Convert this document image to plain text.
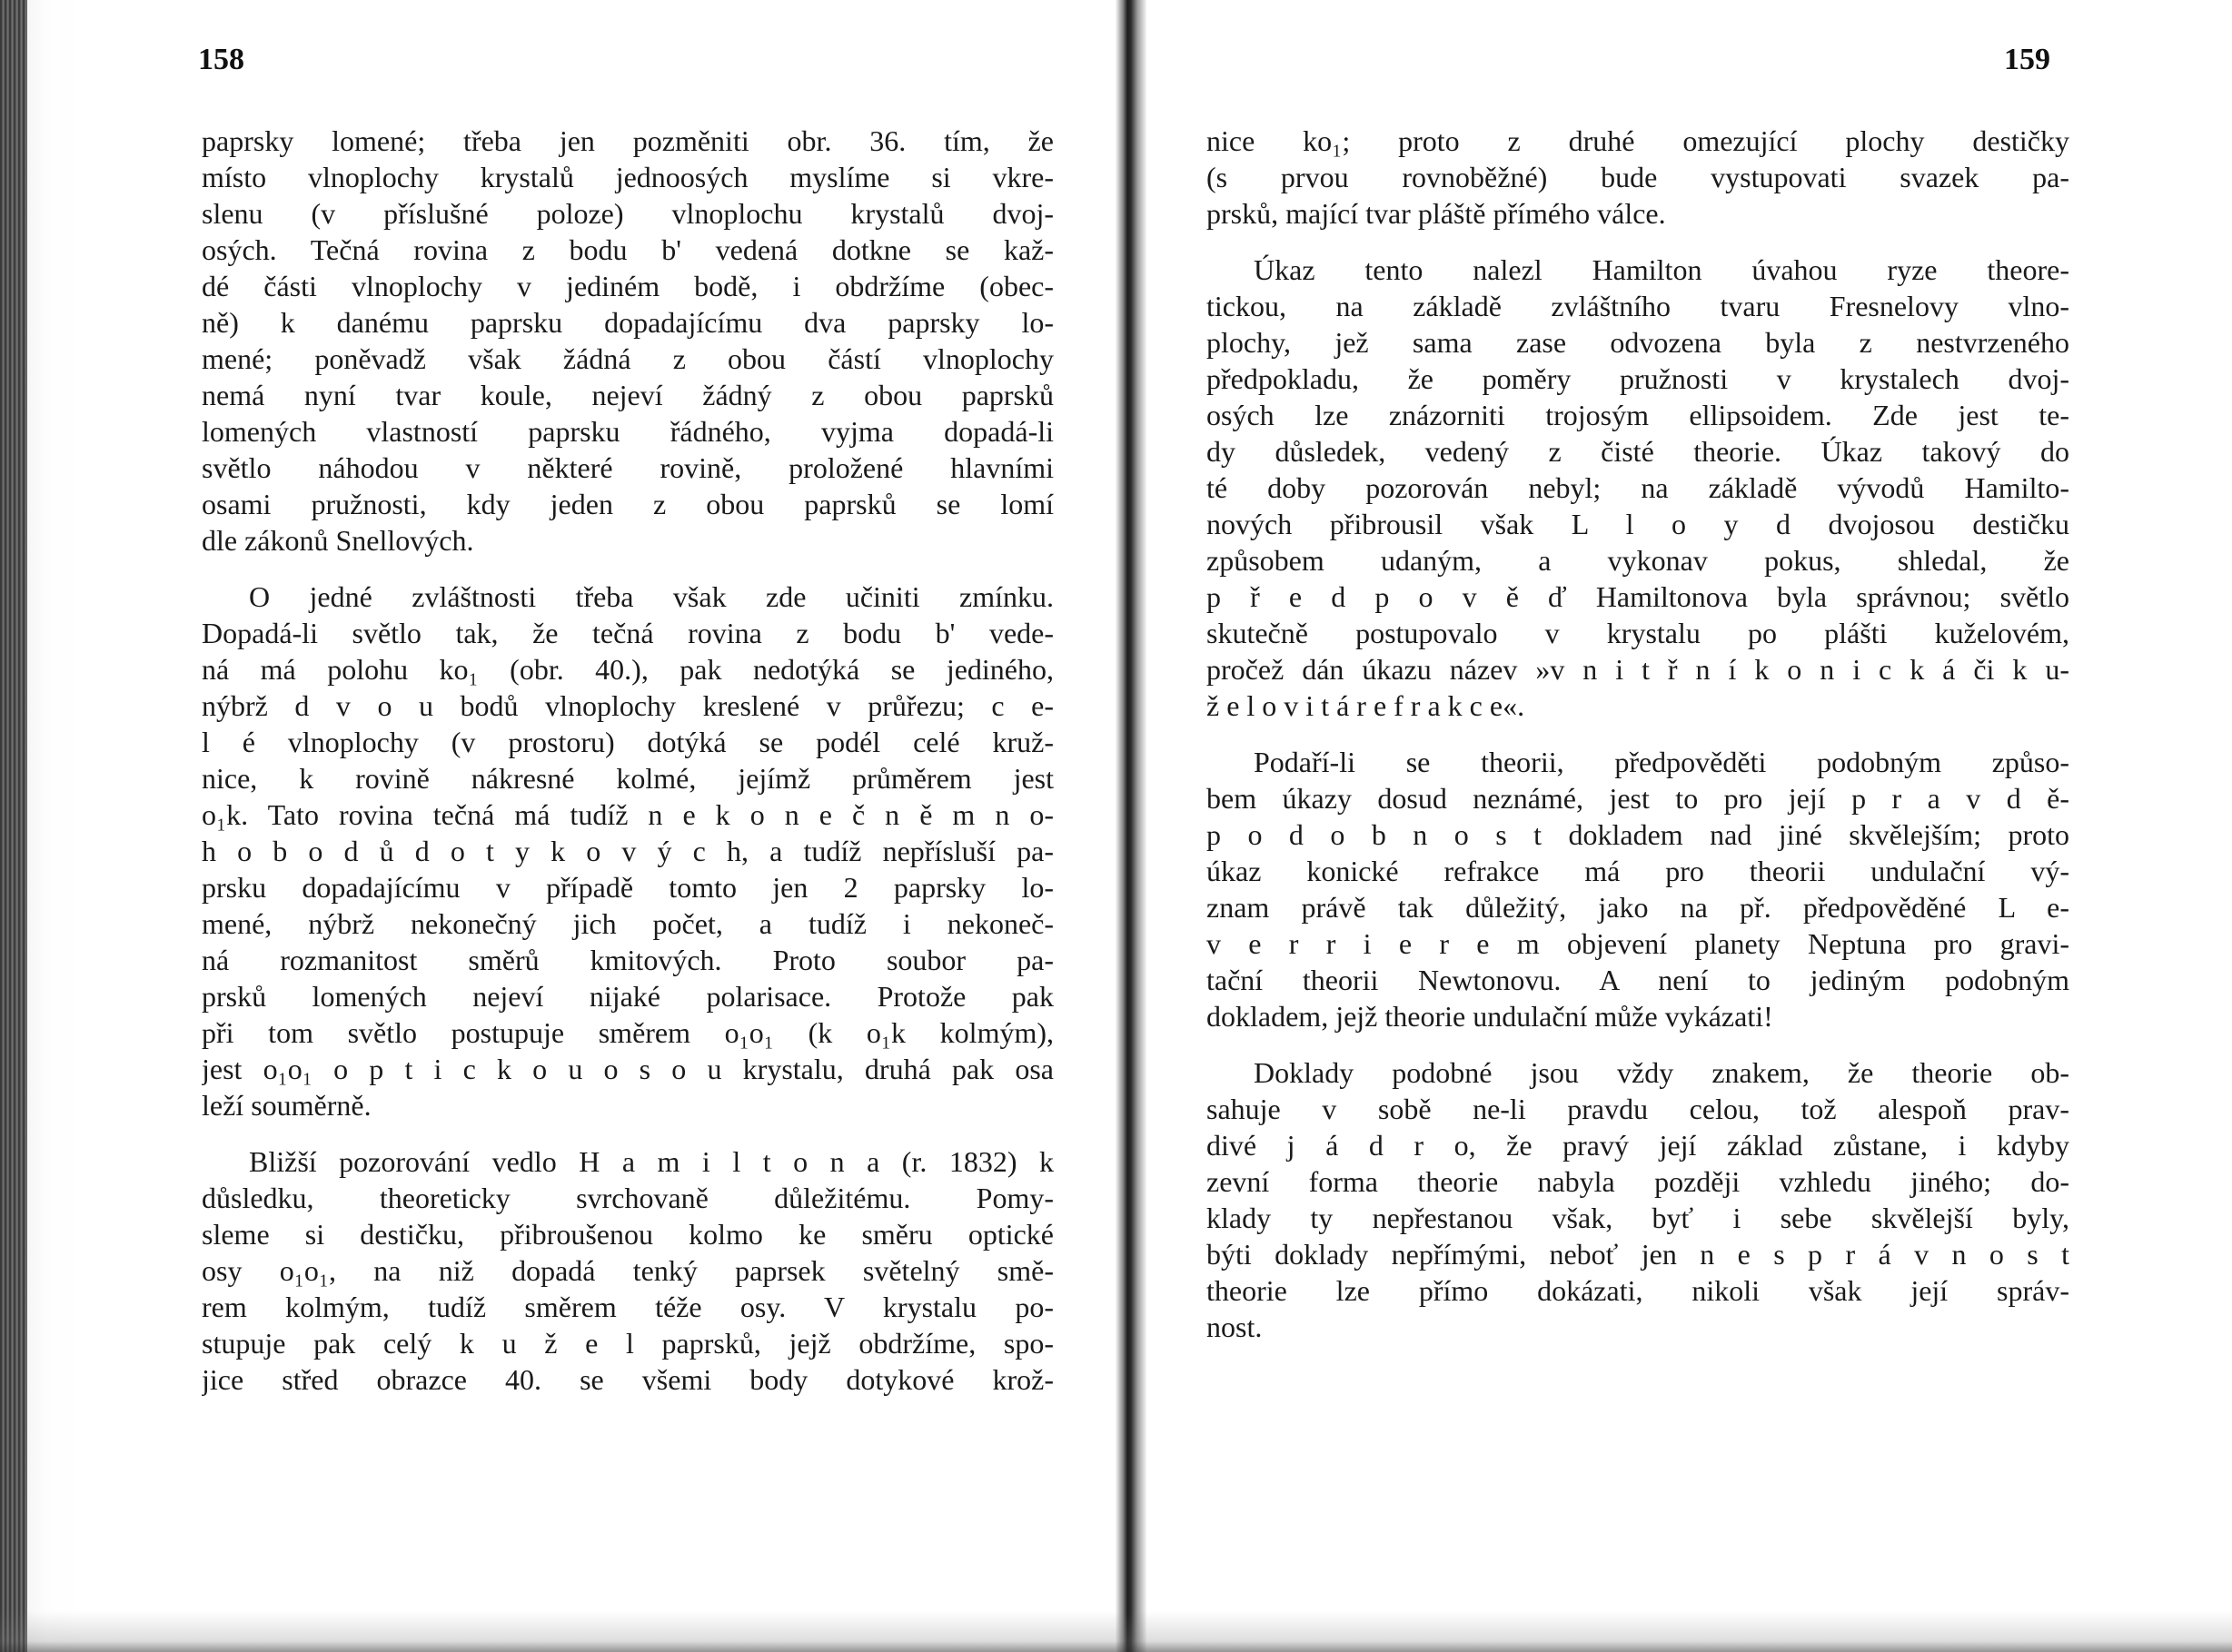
158
paprsky lomené; třeba jen pozměniti obr. 36. tím, že
místo vlnoplochy krystalů jednoosých myslíme si vkre-
slenu (v příslušné poloze) vlnoplochu krystalů dvoj-
osých. Tečná rovina z bodu b' vedená dotkne se kaž-
dé části vlnoplochy v jediném bodě, i obdržíme (obec-
ně) k danému paprsku dopadajícímu dva paprsky lo-
mené; poněvadž však žádná z obou částí vlnoplochy
nemá nyní tvar koule, nejeví žádný z obou paprsků
lomených vlastností paprsku řádného, vyjma dopadá-li
světlo náhodou v některé rovině, proložené hlavními
osami pružnosti, kdy jeden z obou paprsků se lomí
dle zákonů Snellových.
O jedné zvláštnosti třeba však zde učiniti zmínku.
Dopadá-li světlo tak, že tečná rovina z bodu b' vede-
ná má polohu ko₁ (obr. 40.), pak nedotýká se jediného,
nýbrž d v o u bodů vlnoplochy kreslené v průřezu; c e-
l é vlnoplochy (v prostoru) dotýká se podél celé kruž-
nice, k rovině nákresné kolmé, jejímž průměrem jest
o₁k. Tato rovina tečná má tudíž n e k o n e č n ě m n o-
h o b o d ů d o t y k o v ý c h, a tudíž nepřísluší pa-
prsku dopadajícímu v případě tomto jen 2 paprsky lo-
mené, nýbrž nekonečný jich počet, a tudíž i nekoneč-
ná rozmanitost směrů kmitových. Proto soubor pa-
prsků lomených nejeví nijaké polarisace. Protože pak
při tom světlo postupuje směrem o₁o₁ (k o₁k kolmým),
jest o₁o₁ o p t i c k o u o s o u krystalu, druhá pak osa
leží souměrně.
Bližší pozorování vedlo H a m i l t o n a (r. 1832) k
důsledku, theoreticky svrchovaně důležitému. Pomy-
sleme si destičku, přibroušenou kolmo ke směru optické
osy o₁o₁, na niž dopadá tenký paprsek světelný smě-
rem kolmým, tudíž směrem téže osy. V krystalu po-
stupuje pak celý k u ž e l paprsků, jejž obdržíme, spo-
jice střed obrazce 40. se všemi body dotykové krož-
159
nice ko₁; proto z druhé omezující plochy destičky
(s prvou rovnoběžné) bude vystupovati svazek pa-
prsků, mající tvar pláště přímého válce.
Úkaz tento nalezl Hamilton úvahou ryze theore-
tickou, na základě zvláštního tvaru Fresnelovy vlno-
plochy, jež sama zase odvozena byla z nestvrzeného
předpokladu, že poměry pružnosti v krystalech dvoj-
osých lze znázorniti trojosým ellipsoidem. Zde jest te-
dy důsledek, vedený z čisté theorie. Úkaz takový do
té doby pozorován nebyl; na základě vývodů Hamilto-
nových přibrousil však L l o y d dvojosou destičku
způsobem udaným, a vykonav pokus, shledal, že
p ř e d p o v ě ď Hamiltonova byla správnou; světlo
skutečně postupovalo v krystalu po plášti kuželovém,
pročež dán úkazu název »v n i t ř n í k o n i c k á či k u-
ž e l o v i t á r e f r a k c e«.
Podaří-li se theorii, předpověděti podobným způso-
bem úkazy dosud neznámé, jest to pro její p r a v d ě-
p o d o b n o s t dokladem nad jiné skvělejším; proto
úkaz konické refrakce má pro theorii undulační vý-
znam právě tak důležitý, jako na př. předpověděné L e-
v e r r i e r e m objevení planety Neptuna pro gravi-
tační theorii Newtonovu. A není to jediným podobným
dokladem, jejž theorie undulační může vykázati!
Doklady podobné jsou vždy znakem, že theorie ob-
sahuje v sobě ne-li pravdu celou, tož alespoň prav-
divé j á d r o, že pravý její základ zůstane, i kdyby
zevní forma theorie nabyla později vzhledu jiného; do-
klady ty nepřestanou však, byť i sebe skvělejší byly,
býti doklady nepřímými, neboť jen n e s p r á v n o s t
theorie lze přímo dokázati, nikoli však její správ-
nost.
